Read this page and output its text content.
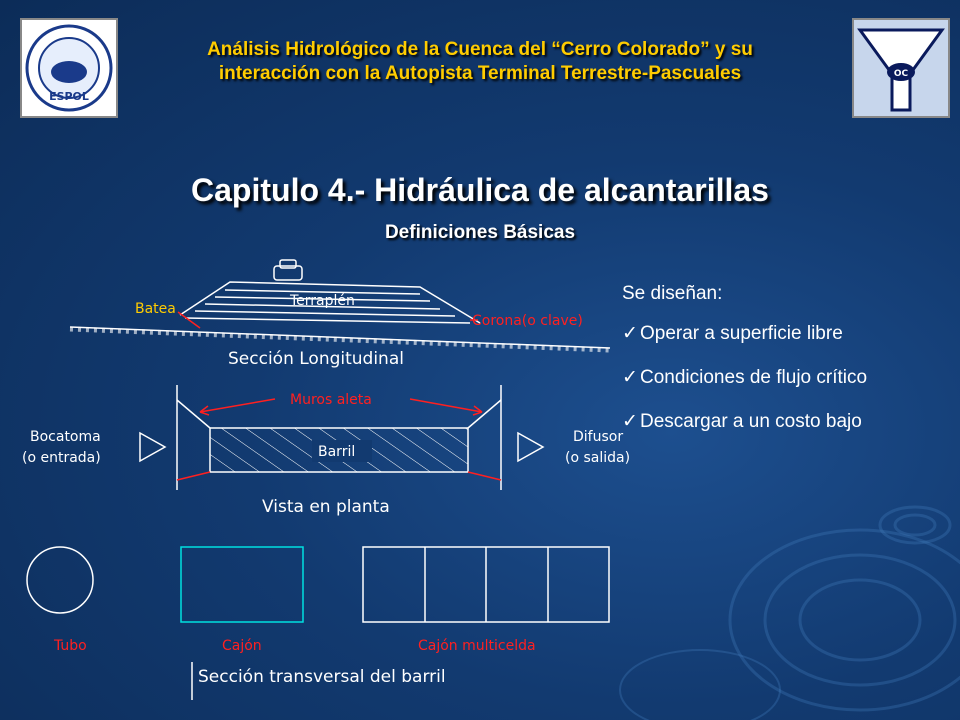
ESPOL
OC
Análisis Hidrológico de la Cuenca del “Cerro Colorado” y su
interacción con la Autopista Terminal Terrestre-Pascuales
Capitulo 4.- Hidráulica de alcantarillas
Definiciones Básicas
Batea	Terraplén
Corona(o clave)
Sección Longitudinal
Muros aleta
Barril
Bocatoma
(o entrada)
Difusor
(o salida)
Vista en planta
Tubo	Cajón	Cajón multicelda
Sección transversal del barril
Se diseñan:
✓ Operar a superficie libre
✓ Condiciones de flujo crítico
✓ Descargar a un costo bajo
